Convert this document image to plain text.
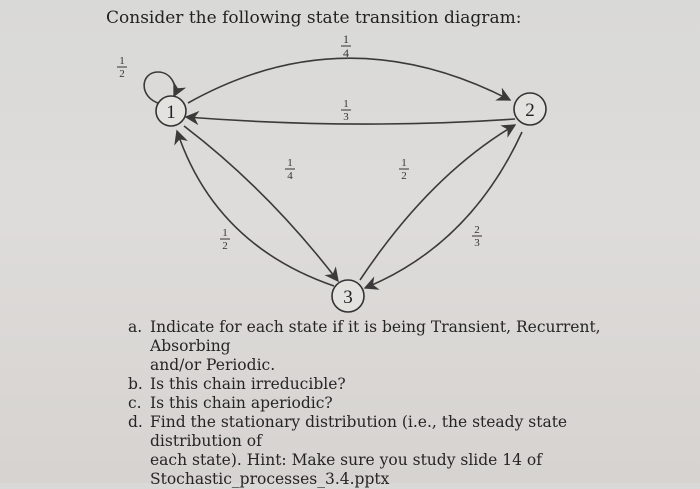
Consider the following state transition diagram:
1	2
3
1
2
1
4
1
3
1
4
1
2
1
2
2
3
a. Indicate for each state if it is being Transient, Recurrent, Absorbing
and/or Periodic.
b. Is this chain irreducible?
c. Is this chain aperiodic?
d. Find the stationary distribution (i.e., the steady state distribution of
each state). Hint: Make sure you study slide 14 of
Stochastic_processes_3.4.pptx
